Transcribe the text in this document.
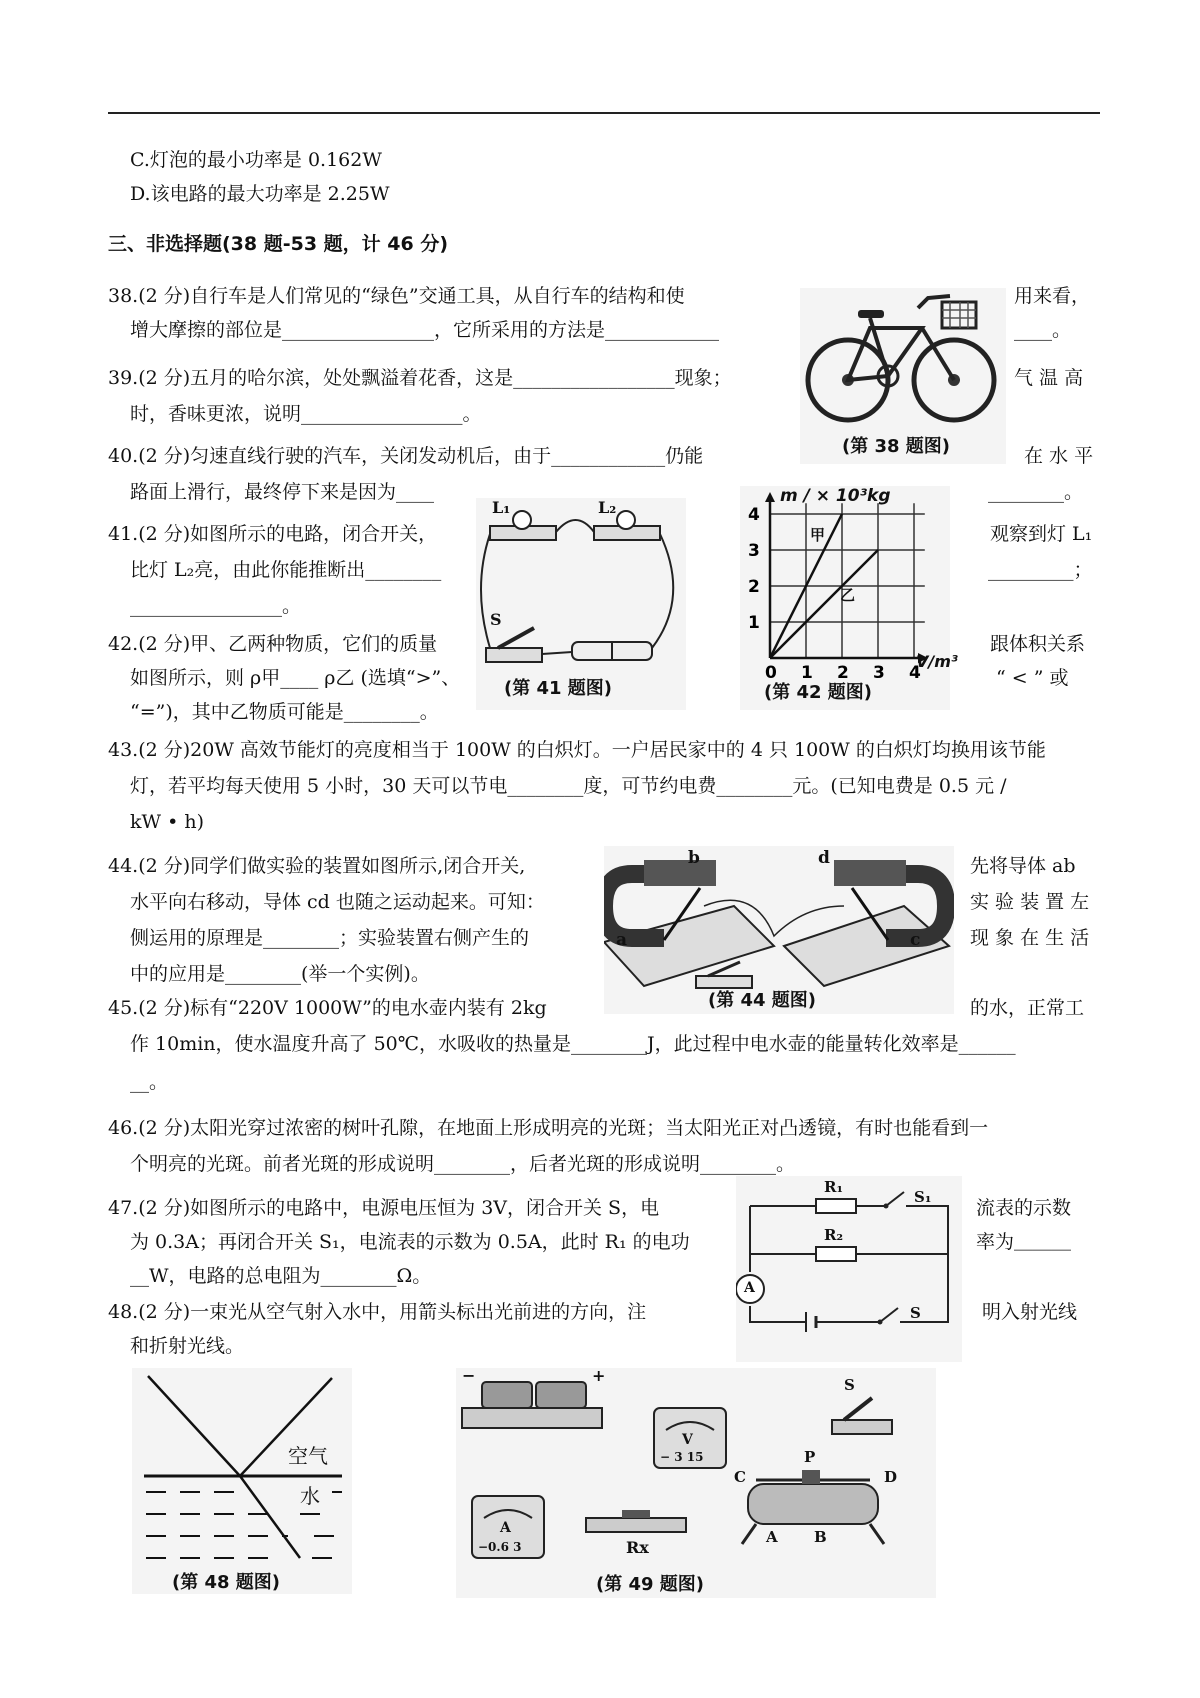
C.灯泡的最小功率是 0.162W
D.该电路的最大功率是 2.25W
三、非选择题(38 题-53 题，计 46 分)
38.(2 分)自行车是人们常见的“绿色”交通工具，从自行车的结构和使	用来看，
增大摩擦的部位是________________，它所采用的方法是____________	____。
39.(2 分)五月的哈尔滨，处处飘溢着花香，这是_________________现象；	气 温 高
时，香味更浓，说明_________________。
40.(2 分)匀速直线行驶的汽车，关闭发动机后，由于____________仍能	在 水 平
路面上滑行，最终停下来是因为____	________。
41.(2 分)如图所示的电路，闭合开关，	观察到灯 L₁
比灯 L₂亮，由此你能推断出________	_________；
________________。
42.(2 分)甲、乙两种物质，它们的质量	跟体积关系
如图所示，则 ρ甲____ ρ乙 (选填“>”、	“ < ” 或
“=”)，其中乙物质可能是________。
43.(2 分)20W 高效节能灯的亮度相当于 100W 的白炽灯。一户居民家中的 4 只 100W 的白炽灯均换用该节能
灯，若平均每天使用 5 小时，30 天可以节电________度，可节约电费________元。(已知电费是 0.5 元 /
kW • h)
44.(2 分)同学们做实验的装置如图所示,闭合开关,	先将导体 ab
水平向右移动，导体 cd 也随之运动起来。可知：	实 验 装 置 左
侧运用的原理是________；实验装置右侧产生的	现 象 在 生 活
中的应用是________(举一个实例)。
45.(2 分)标有“220V 1000W”的电水壶内装有 2kg	的水，正常工
作 10min，使水温度升高了 50℃，水吸收的热量是________J，此过程中电水壶的能量转化效率是______
__。
46.(2 分)太阳光穿过浓密的树叶孔隙，在地面上形成明亮的光斑；当太阳光正对凸透镜，有时也能看到一
个明亮的光斑。前者光斑的形成说明________，后者光斑的形成说明________。
47.(2 分)如图所示的电路中，电源电压恒为 3V，闭合开关 S，电	流表的示数
为 0.3A；再闭合开关 S₁，电流表的示数为 0.5A，此时 R₁ 的电功	率为＿＿＿
__W，电路的总电阻为________Ω。
48.(2 分)一束光从空气射入水中，用箭头标出光前进的方向，注	明入射光线
和折射光线。
(第 38 题图)
L₁	L₂
S
(第 41 题图)
0 1 2 3 4
1
2
3
4
m / × 10³kg
V/m³
甲
乙
(第 42 题图)
b	d
a	c
(第 44 题图)
R₁
R₂
S₁
S
A
空气
水
(第 48 题图)
−	+
V
− 3 15
S
A
−0.6 3	Rx
C
P
D
A B
(第 49 题图)
